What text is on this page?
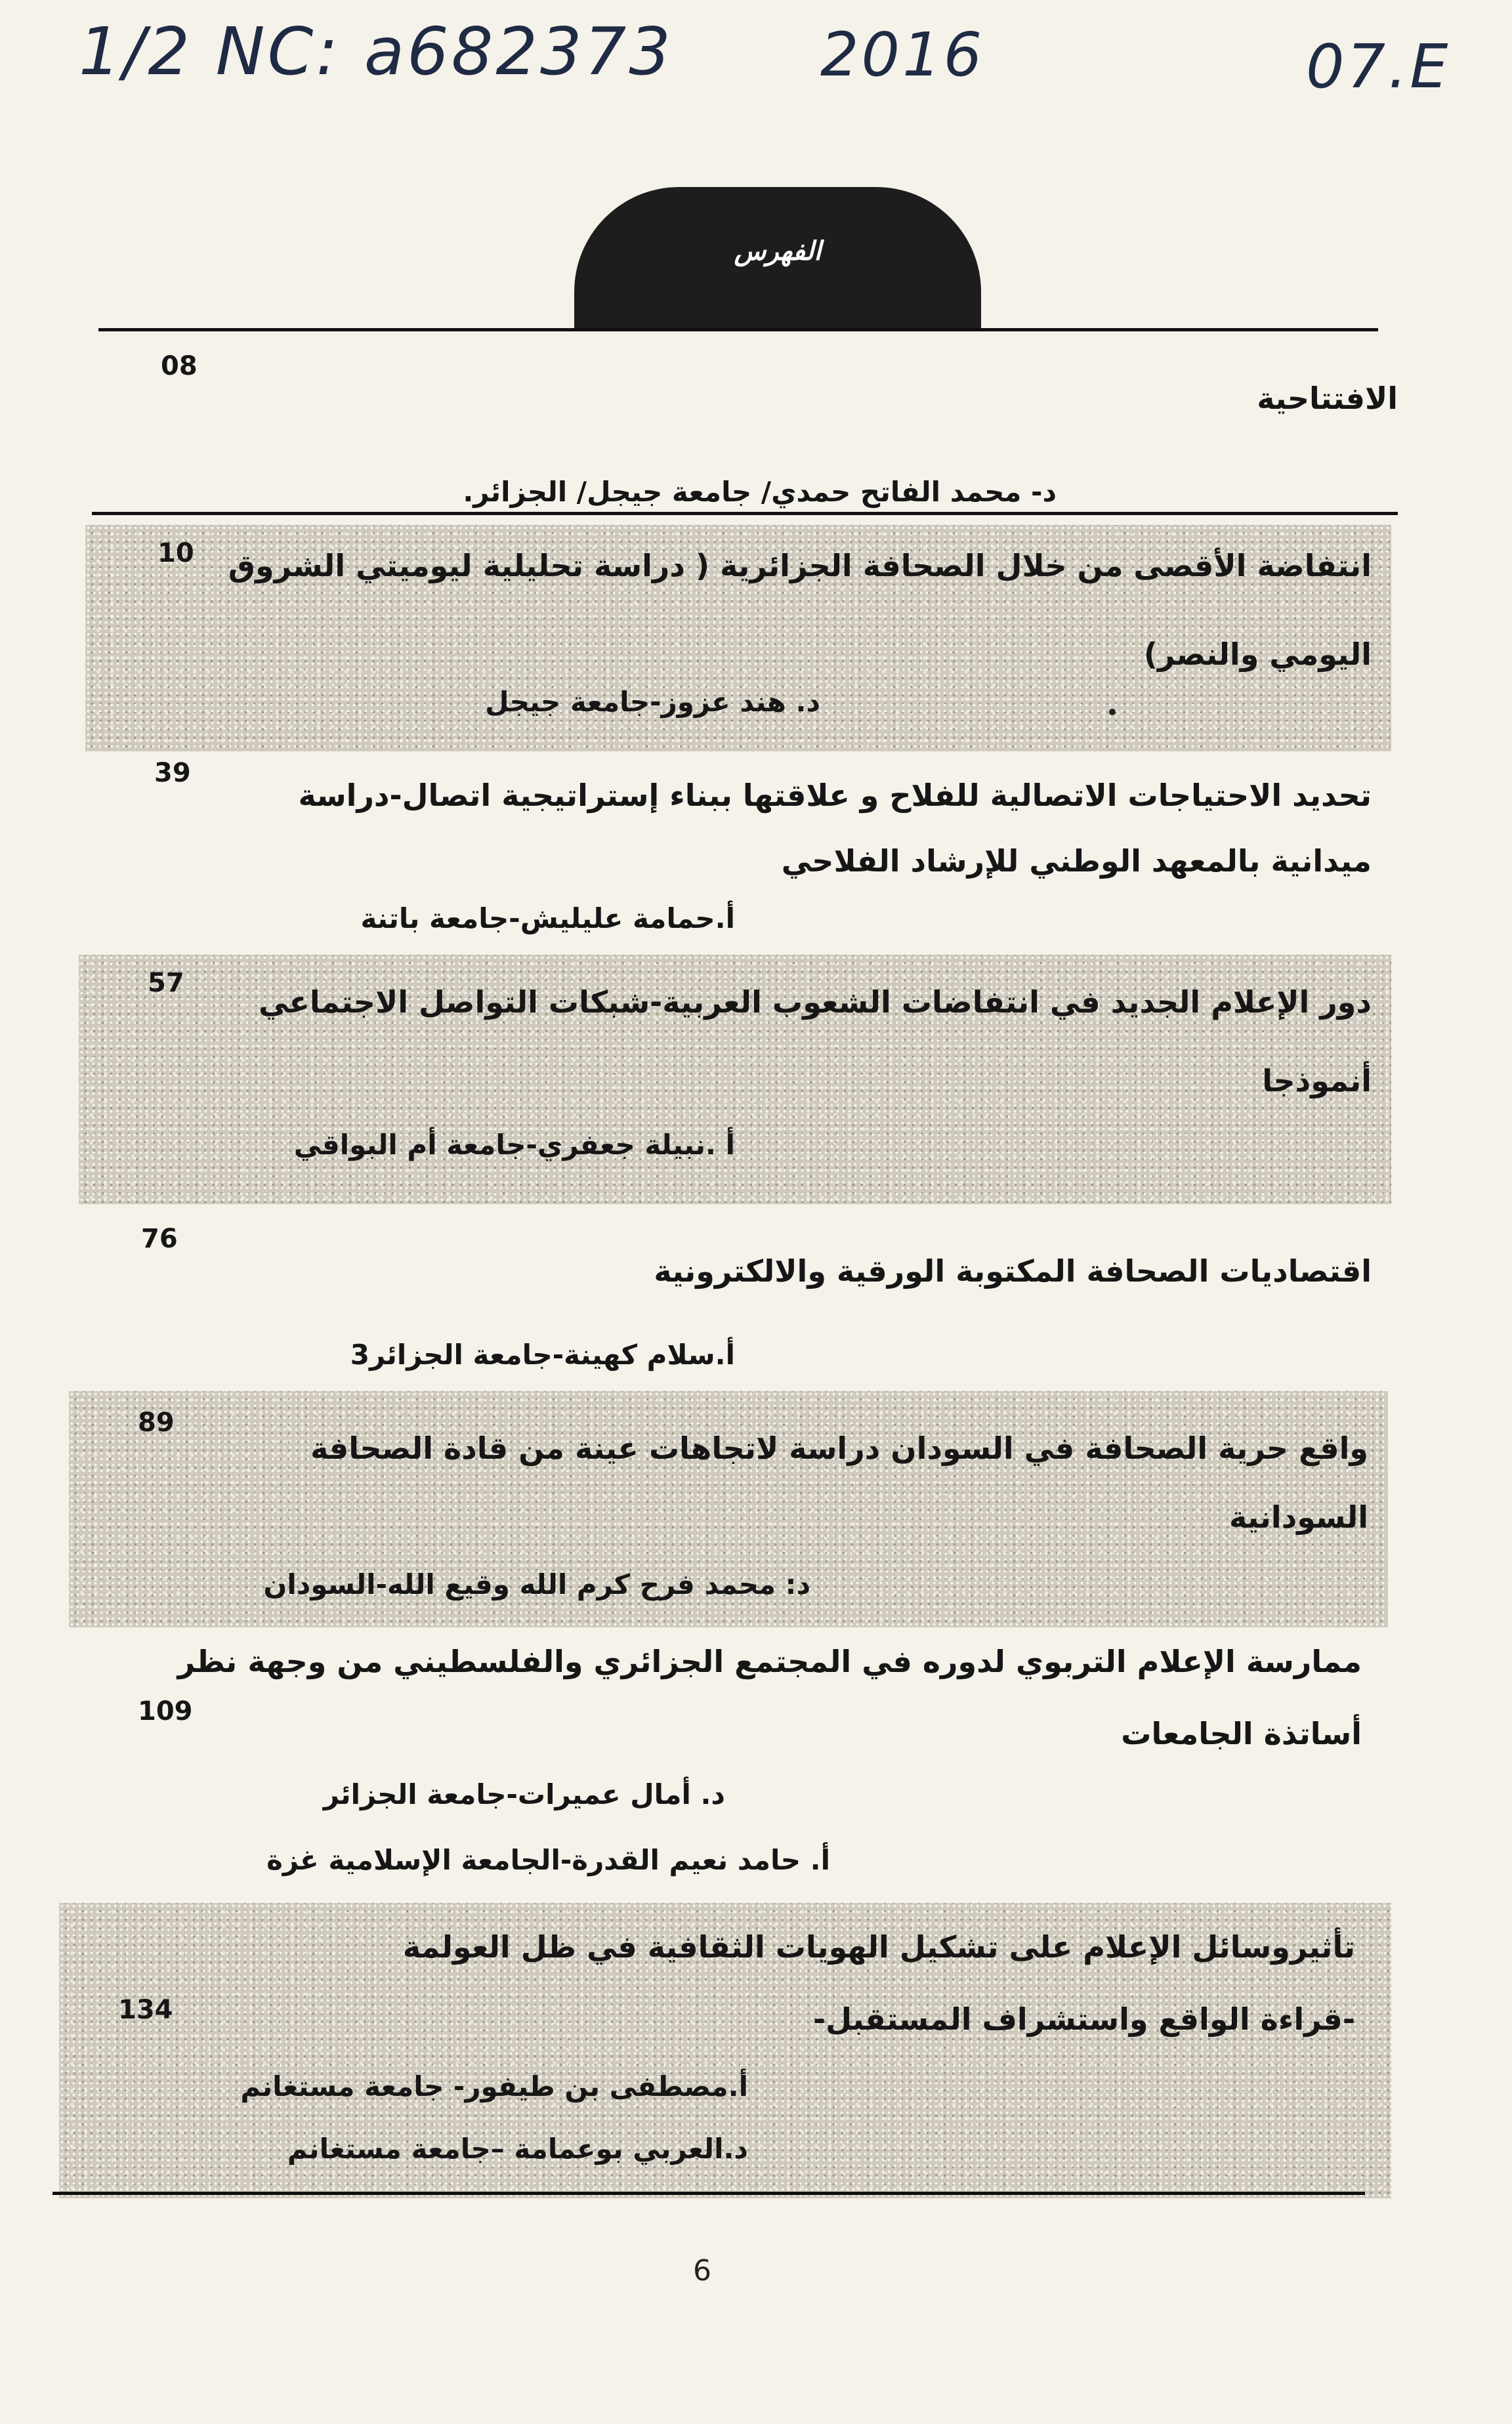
1/2 NC: a682373 2016	07.E
الفهرس
08
الافتتاحية
د- محمد الفاتح حمدي/ جامعة جيجل/ الجزائر.
10 انتفاضة الأقصى من خلال الصحافة الجزائرية ( دراسة تحليلية ليوميتي الشروق
اليومي والنصر)
د. هند عزوز-جامعة جيجل
39
تحديد الاحتياجات الاتصالية للفلاح و علاقتها ببناء إستراتيجية اتصال-دراسة
ميدانية بالمعهد الوطني للإرشاد الفلاحي
أ.حمامة عليليش-جامعة باتنة
57
دور الإعلام الجديد في انتفاضات الشعوب العربية-شبكات التواصل الاجتماعي
أنموذجا
أ .نبيلة جعفري-جامعة أم البواقي
76
اقتصاديات الصحافة المكتوبة الورقية والالكترونية
أ.سلام كهينة-جامعة الجزائر3
89
واقع حرية الصحافة في السودان دراسة لاتجاهات عينة من قادة الصحافة
السودانية
د: محمد فرح كرم الله وقيع الله-السودان
109
ممارسة الإعلام التربوي لدوره في المجتمع الجزائري والفلسطيني من وجهة نظر
أساتذة الجامعات
د. أمال عميرات-جامعة الجزائر
أ. حامد نعيم القدرة-الجامعة الإسلامية غزة
134
تأثيروسائل الإعلام على تشكيل الهويات الثقافية في ظل العولمة
-قراءة الواقع واستشراف المستقبل-
أ.مصطفى بن طيفور- جامعة مستغانم
د.العربي بوعمامة –جامعة مستغانم
6
